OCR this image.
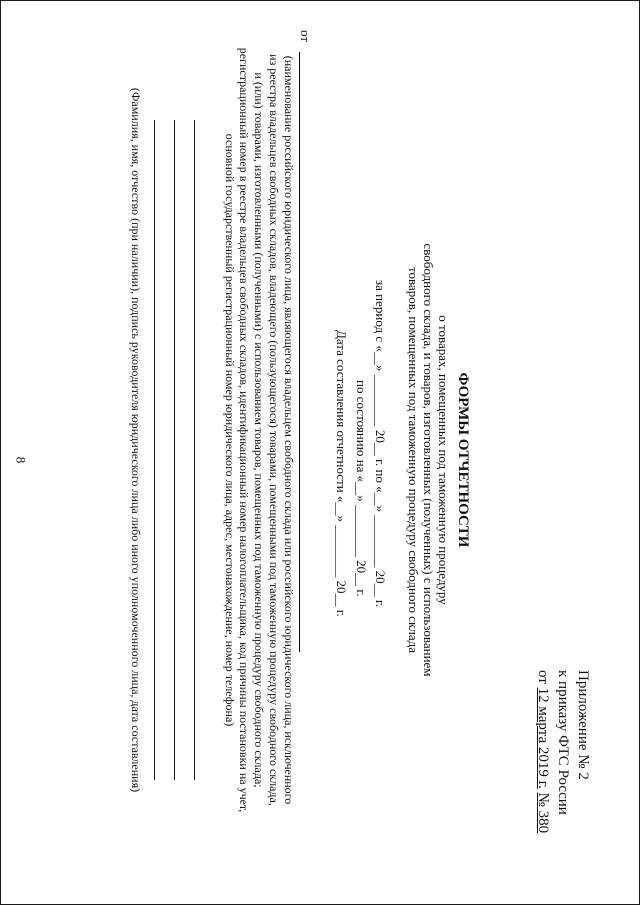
Приложение № 2
к приказу ФТС России
от 12 марта 2019 г. № 380
ФОРМЫ ОТЧЕТНОСТИ
о товарах, помещенных под таможенную процедуру
свободного склада, и товаров, изготовленных (полученных) с использованием
товаров, помещенных под таможенную процедуру свободного склада
за период с «__» ________ 20__ г. по «__» ________ 20__ г.
по состоянию на «__» ________ 20__ г.
Дата составления отчетности «__» ________ 20__ г.
от
(наименование российского юридического лица, являющегося владельцем свободного склада или российского юридического лица, исключенного
из реестра владельцев свободных складов, владеющего (пользующегося) товарами, помещенными под таможенную процедуру свободного склада,
и (или) товарами, изготовленными (полученными) с использованием товаров, помещенных под таможенную процедуру свободного склада;
регистрационный номер в реестре владельцев свободных складов, идентификационный номер налогоплательщика, код причины постановки на учет,
основной государственный регистрационный номер юридического лица, адрес, местонахождение, номер телефона)
(Фамилия, имя, отчество (при наличии), подпись руководителя юридического лица либо иного уполномоченного лица, дата составления)
8
